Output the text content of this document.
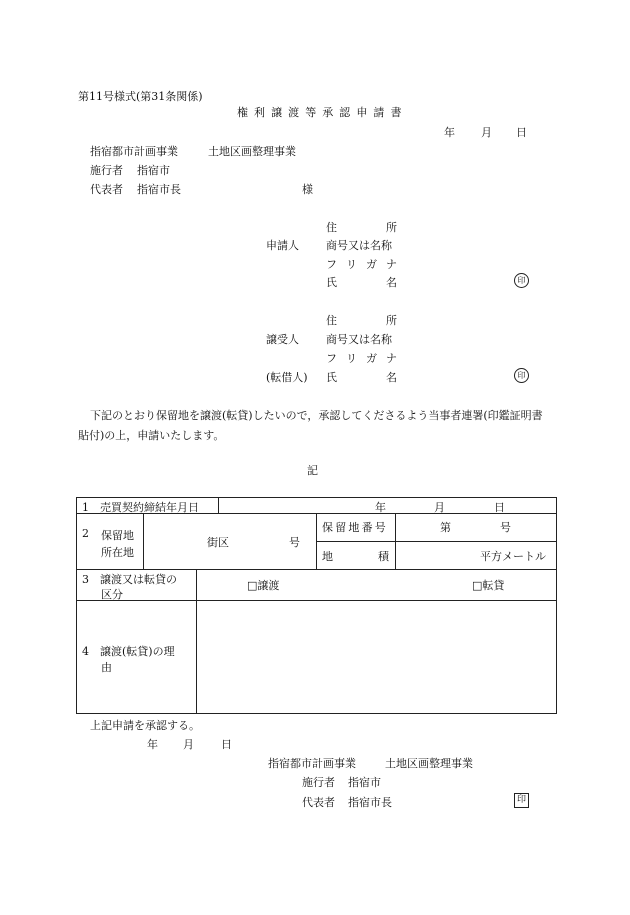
第11号様式(第31条関係)
権利譲渡等承認申請書
年 月 日
指宿都市計画事業	土地区画整理事業
施行者 指宿市
代表者 指宿市長	様
住	所
申請人 商号又は名称
フ リ ガ ナ
氏	名	印
住	所
譲受人 商号又は名称
フ リ ガ ナ
(転借人) 氏	名	印
下記のとおり保留地を譲渡(転貸)したいので，承認してくださるよう当事者連署(印鑑証明書貼付)の上，申請いたします。
記
1　売買契約締結年月日	年	月	日
2 保留地
所在地
街区	号
保留地番号	第	号
地	積	平方メートル
3　譲渡又は転貸の
区分
□譲渡	□転貸
4　譲渡(転貸)の理
由
上記申請を承認する。
年 月 日
指宿都市計画事業	土地区画整理事業
施行者 指宿市
代表者 指宿市長	印
